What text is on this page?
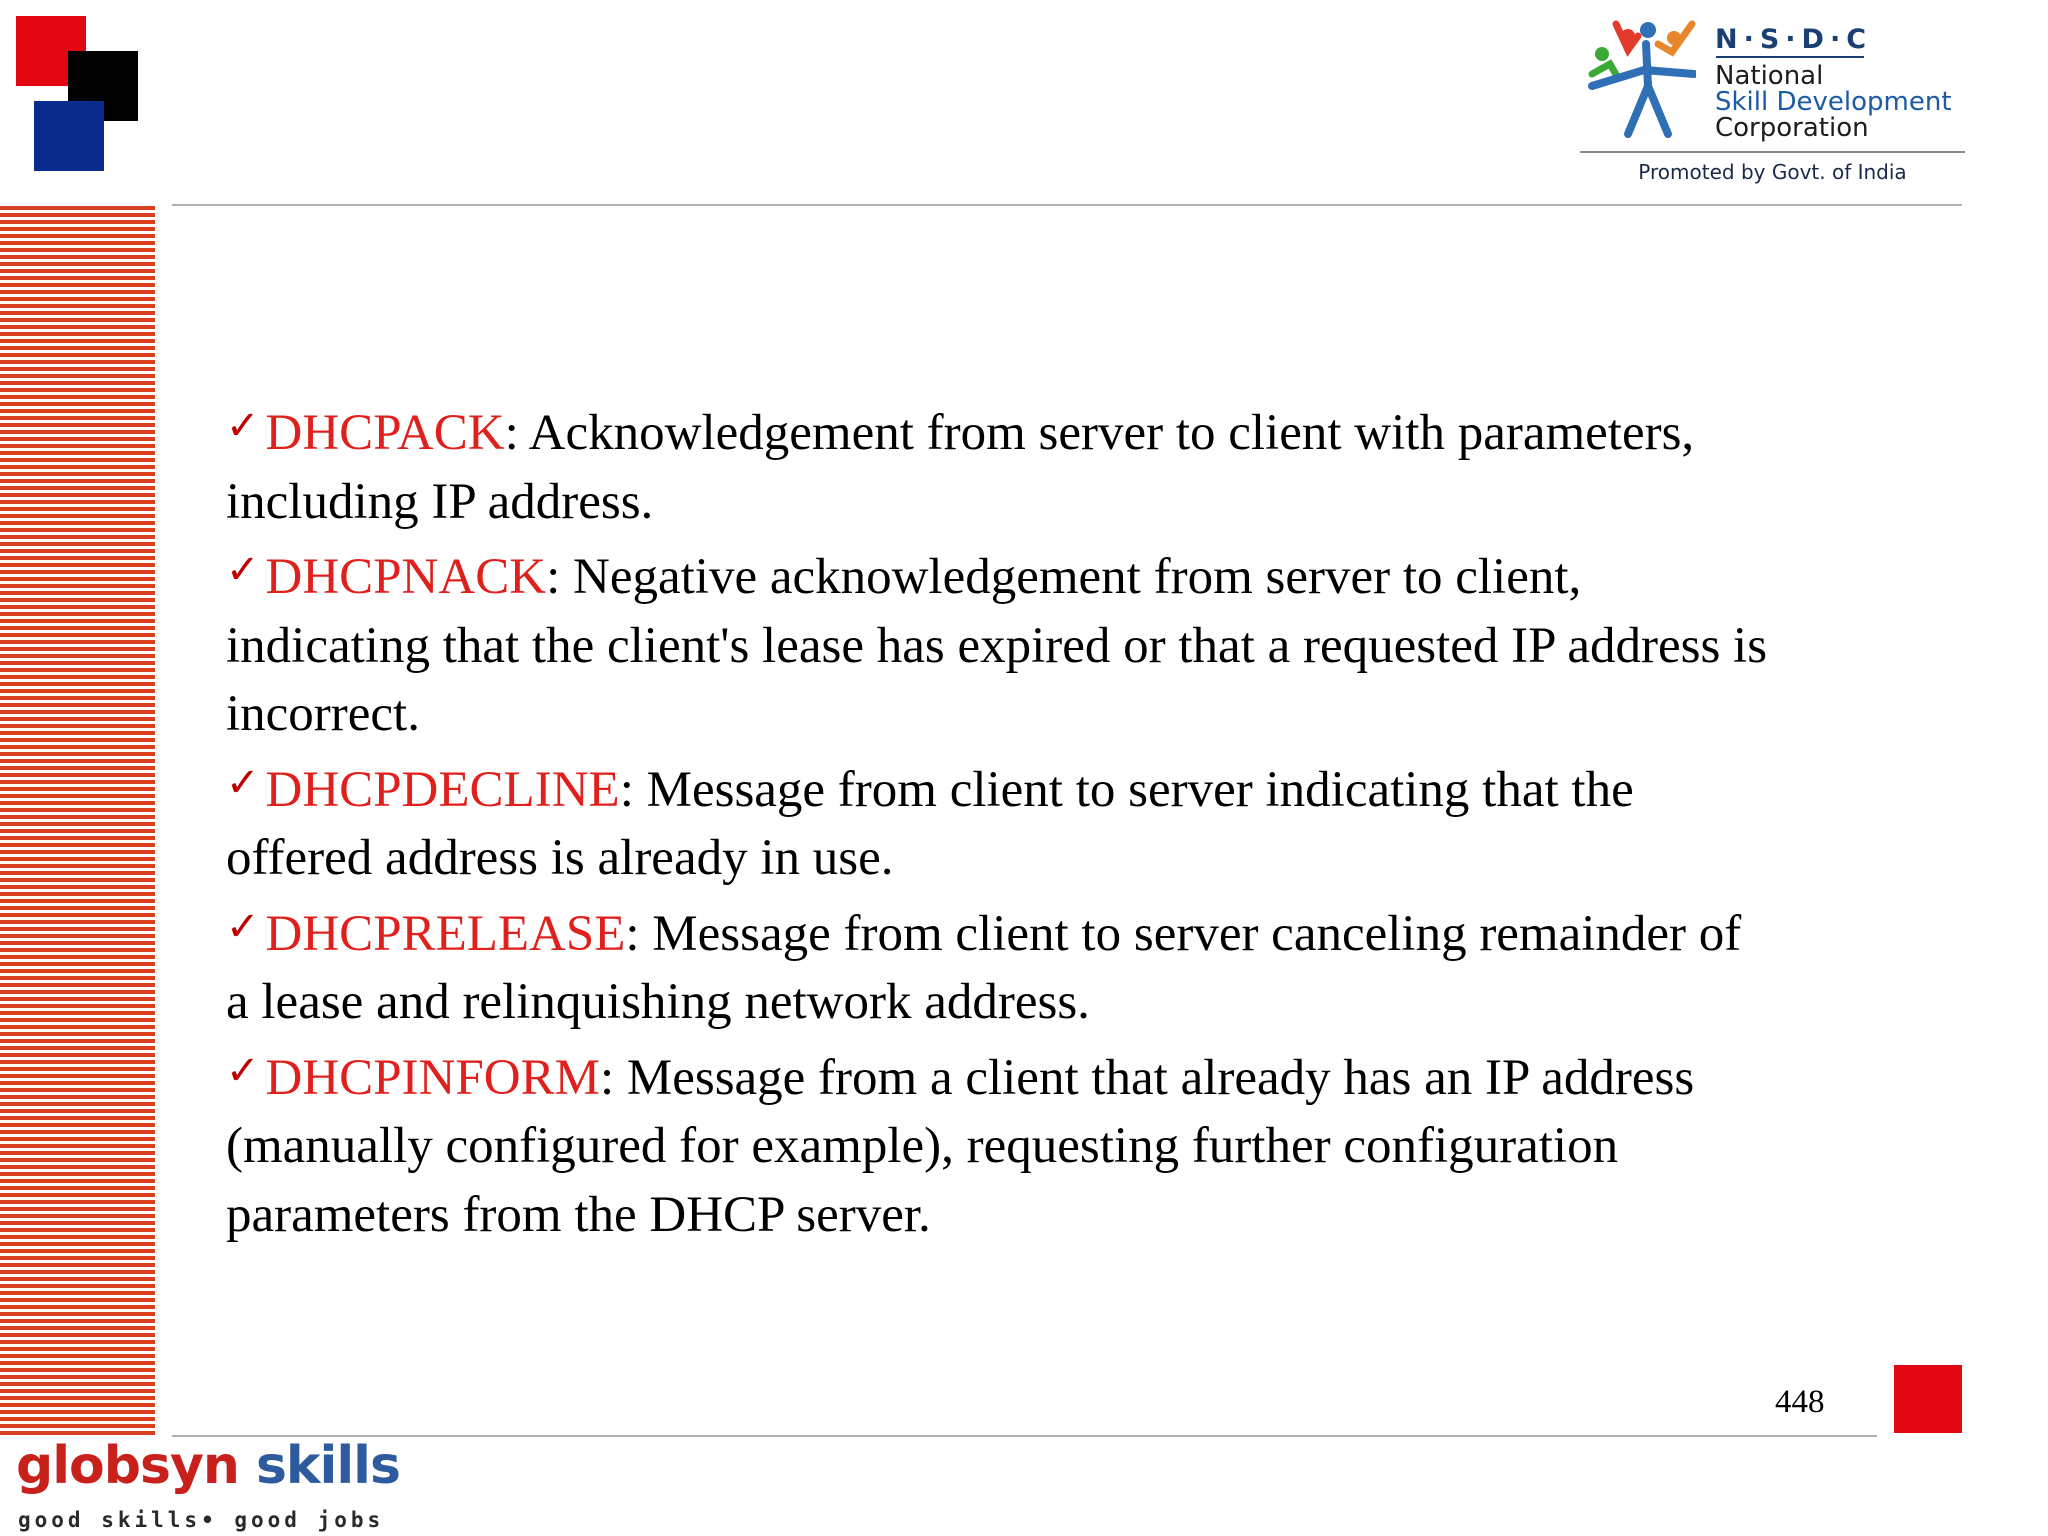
N·S·D·C
National
Skill Development
Corporation
Promoted by Govt. of India
✓ DHCPACK: Acknowledgement from server to client with parameters,
including IP address.
✓ DHCPNACK: Negative acknowledgement from server to client,
indicating that the client's lease has expired or that a requested IP address is
incorrect.
✓ DHCPDECLINE: Message from client to server indicating that the
offered address is already in use.
✓ DHCPRELEASE: Message from client to server canceling remainder of
a lease and relinquishing network address.
✓ DHCPINFORM: Message from a client that already has an IP address
(manually configured for example), requesting further configuration
parameters from the DHCP server.
448
globsyn skills
good skills• good jobs
